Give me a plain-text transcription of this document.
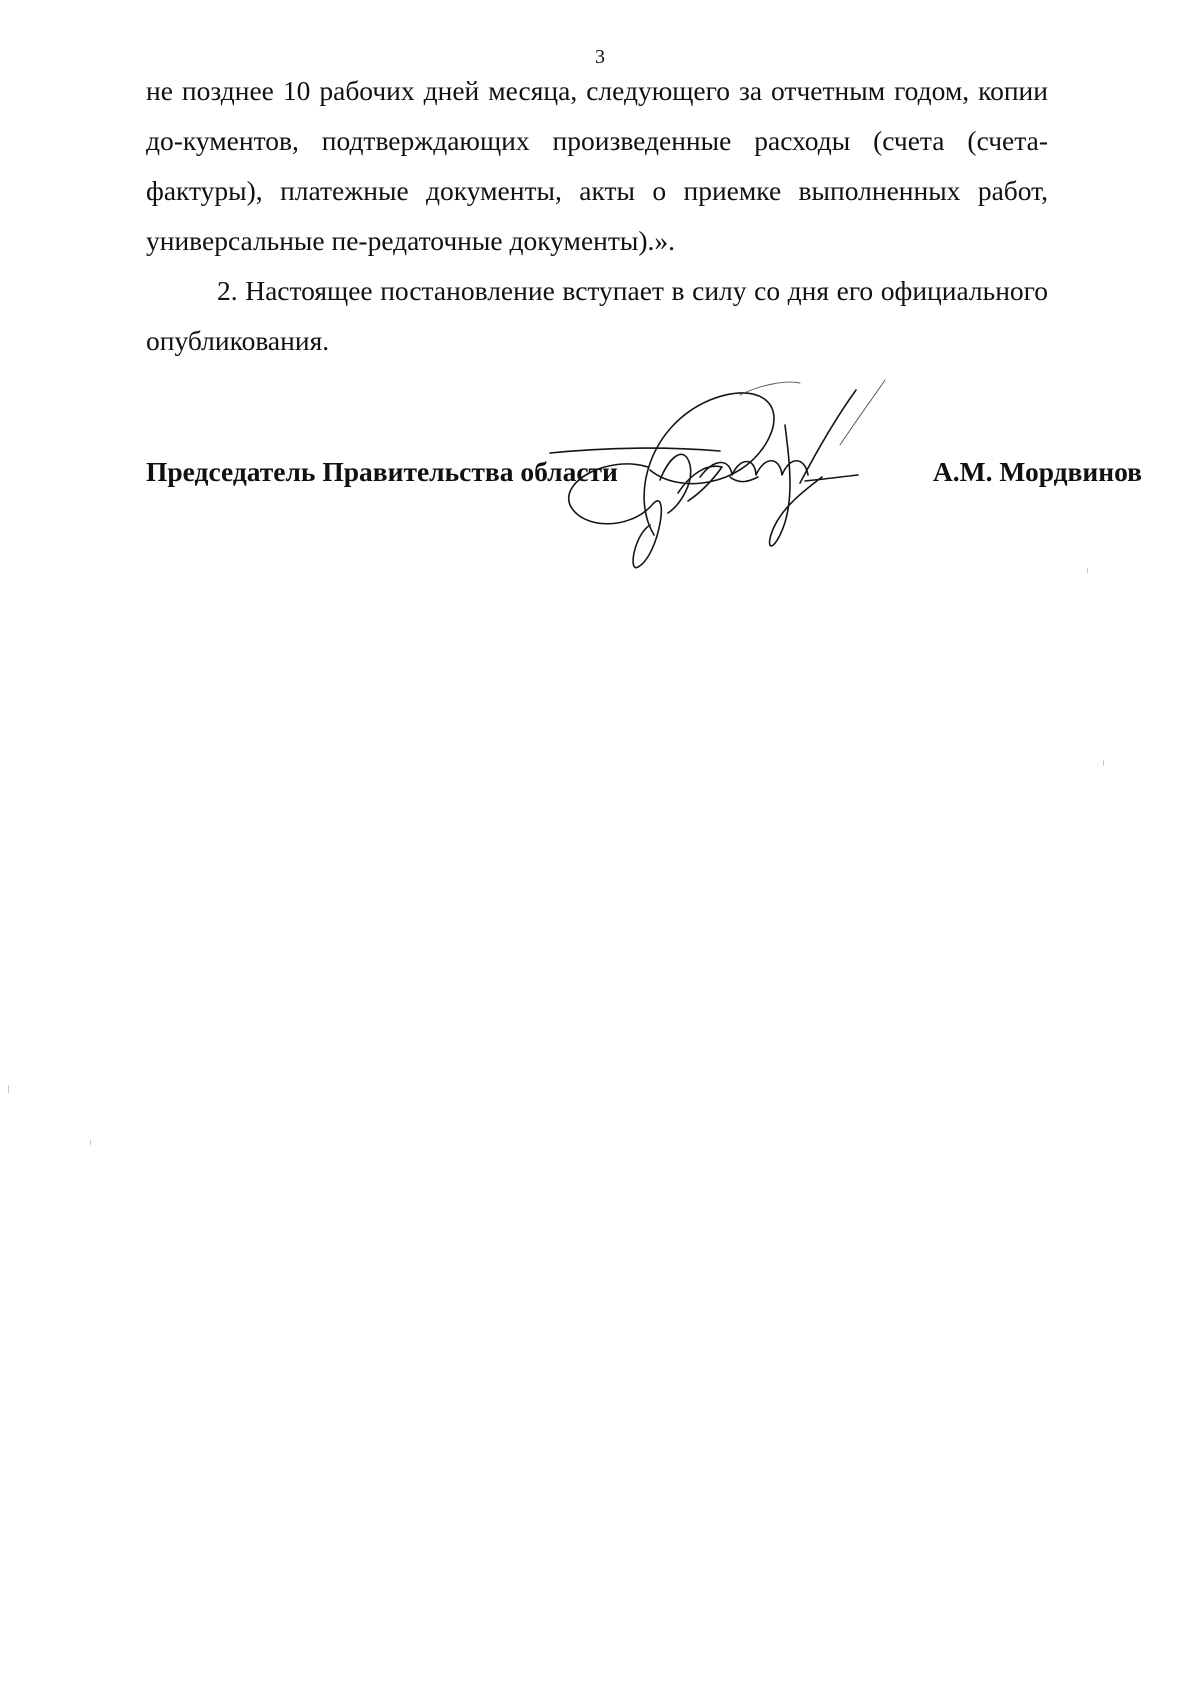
3

не позднее 10 рабочих дней месяца, следующего за отчетным годом, копии до-кументов, подтверждающих произведенные расходы (счета (счета-фактуры), платежные документы, акты о приемке выполненных работ, универсальные пе-редаточные документы).».

2. Настоящее постановление вступает в силу со дня его официального опубликования.

Председатель Правительства области	А.М. Мордвинов
